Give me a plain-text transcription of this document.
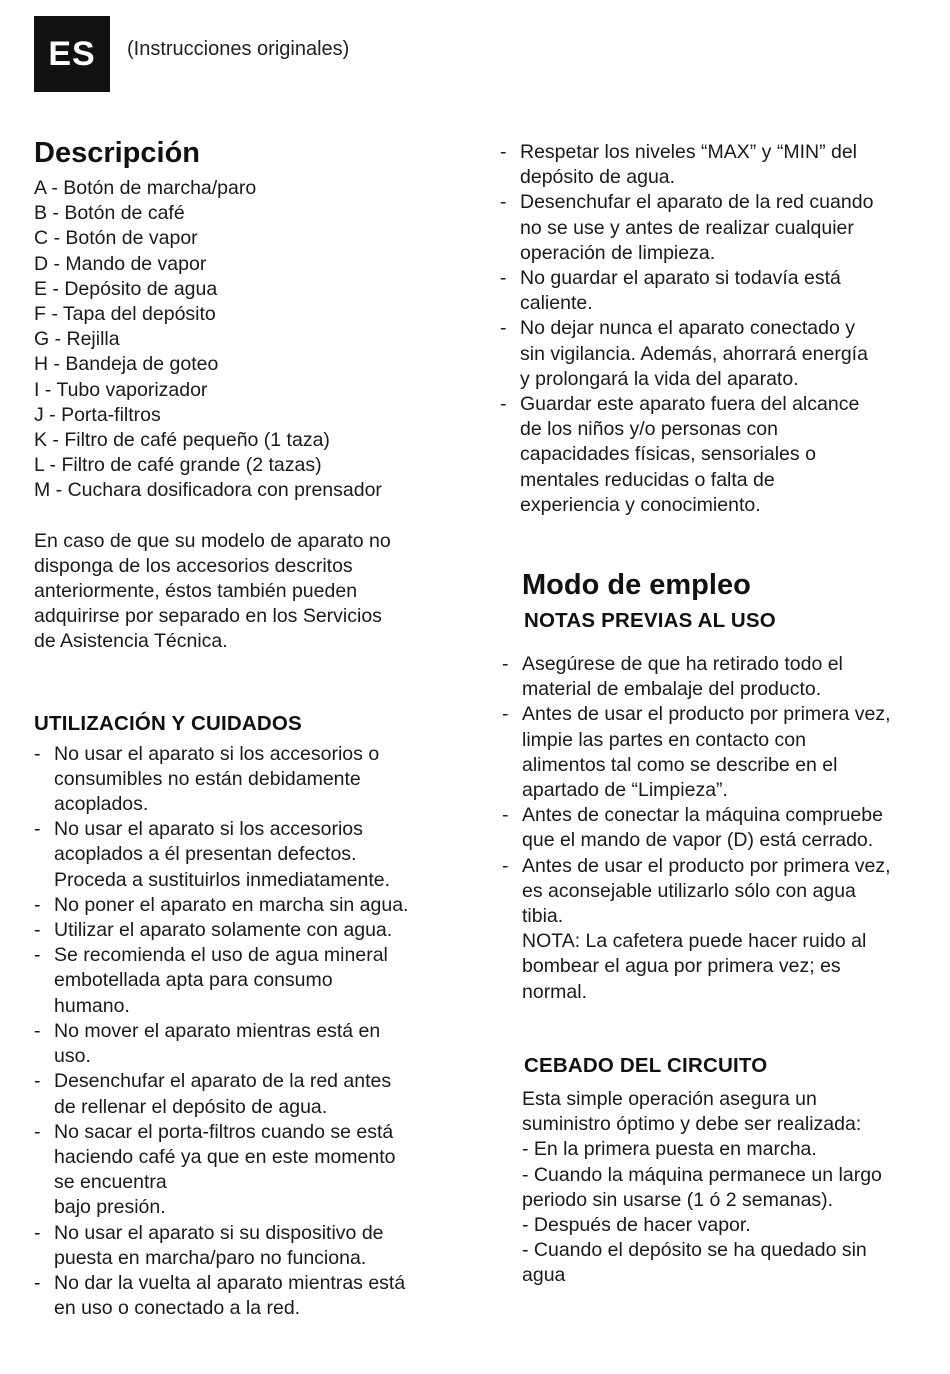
ES (Instrucciones originales)
Descripción
A - Botón de marcha/paro
B - Botón de café
C - Botón de vapor
D - Mando de vapor
E - Depósito de agua
F - Tapa del depósito
G - Rejilla
H - Bandeja de goteo
I - Tubo vaporizador
J - Porta-filtros
K - Filtro de café pequeño (1 taza)
L - Filtro de café grande (2 tazas)
M - Cuchara dosificadora con prensador
En caso de que su modelo de aparato no
disponga de los accesorios descritos
anteriormente, éstos también pueden
adquirirse por separado en los Servicios
de Asistencia Técnica.
UTILIZACIÓN Y CUIDADOS
- No usar el aparato si los accesorios o
consumibles no están debidamente
acoplados.
- No usar el aparato si los accesorios
acoplados a él presentan defectos.
Proceda a sustituirlos inmediatamente.
- No poner el aparato en marcha sin agua.
- Utilizar el aparato solamente con agua.
- Se recomienda el uso de agua mineral
embotellada apta para consumo
humano.
- No mover el aparato mientras está en
uso.
- Desenchufar el aparato de la red antes
de rellenar el depósito de agua.
- No sacar el porta-filtros cuando se está
haciendo café ya que en este momento
se encuentra
bajo presión.
- No usar el aparato si su dispositivo de
puesta en marcha/paro no funciona.
- No dar la vuelta al aparato mientras está
en uso o conectado a la red.
- Respetar los niveles “MAX” y “MIN” del
depósito de agua.
- Desenchufar el aparato de la red cuando
no se use y antes de realizar cualquier
operación de limpieza.
- No guardar el aparato si todavía está
caliente.
- No dejar nunca el aparato conectado y
sin vigilancia. Además, ahorrará energía
y prolongará la vida del aparato.
- Guardar este aparato fuera del alcance
de los niños y/o personas con
capacidades físicas, sensoriales o
mentales reducidas o falta de
experiencia y conocimiento.
Modo de empleo
NOTAS PREVIAS AL USO
- Asegúrese de que ha retirado todo el
material de embalaje del producto.
- Antes de usar el producto por primera vez,
limpie las partes en contacto con
alimentos tal como se describe en el
apartado de “Limpieza”.
- Antes de conectar la máquina compruebe
que el mando de vapor (D) está cerrado.
- Antes de usar el producto por primera vez,
es aconsejable utilizarlo sólo con agua
tibia.
NOTA: La cafetera puede hacer ruido al
bombear el agua por primera vez; es
normal.
CEBADO DEL CIRCUITO
Esta simple operación asegura un
suministro óptimo y debe ser realizada:
- En la primera puesta en marcha.
- Cuando la máquina permanece un largo
periodo sin usarse (1 ó 2 semanas).
- Después de hacer vapor.
- Cuando el depósito se ha quedado sin
agua
